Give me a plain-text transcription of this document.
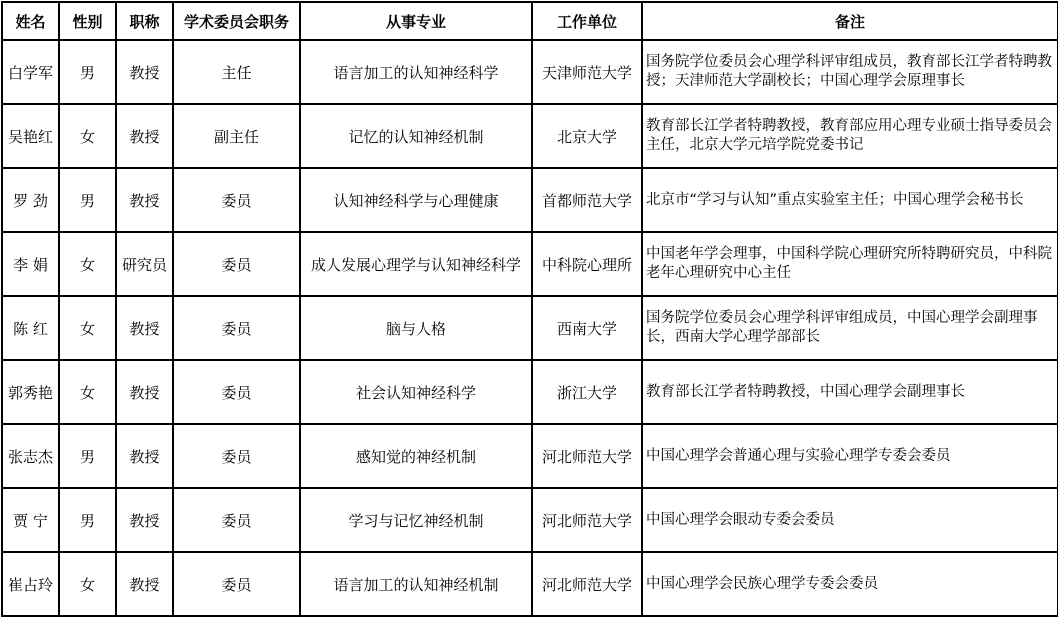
姓名	性别	职称	学术委员会职务	从事专业	工作单位	备注
白学军	男	教授	主任	语言加工的认知神经科学	天津师范大学	国务院学位委员会心理学科评审组成员，教育部长江学者特聘教授；天津师范大学副校长；中国心理学会原理事长
吴艳红	女	教授	副主任	记忆的认知神经机制	北京大学	教育部长江学者特聘教授，教育部应用心理专业硕士指导委员会主任，北京大学元培学院党委书记
罗 劲	男	教授	委员	认知神经科学与心理健康	首都师范大学	北京市“学习与认知”重点实验室主任；中国心理学会秘书长
李 娟	女	研究员	委员	成人发展心理学与认知神经科学	中科院心理所	中国老年学会理事，中国科学院心理研究所特聘研究员，中科院老年心理研究中心主任
陈 红	女	教授	委员	脑与人格	西南大学	国务院学位委员会心理学科评审组成员，中国心理学会副理事长，西南大学心理学部部长
郭秀艳	女	教授	委员	社会认知神经科学	浙江大学	教育部长江学者特聘教授，中国心理学会副理事长
张志杰	男	教授	委员	感知觉的神经机制	河北师范大学	中国心理学会普通心理与实验心理学专委会委员
贾 宁	男	教授	委员	学习与记忆神经机制	河北师范大学	中国心理学会眼动专委会委员
崔占玲	女	教授	委员	语言加工的认知神经机制	河北师范大学	中国心理学会民族心理学专委会委员
